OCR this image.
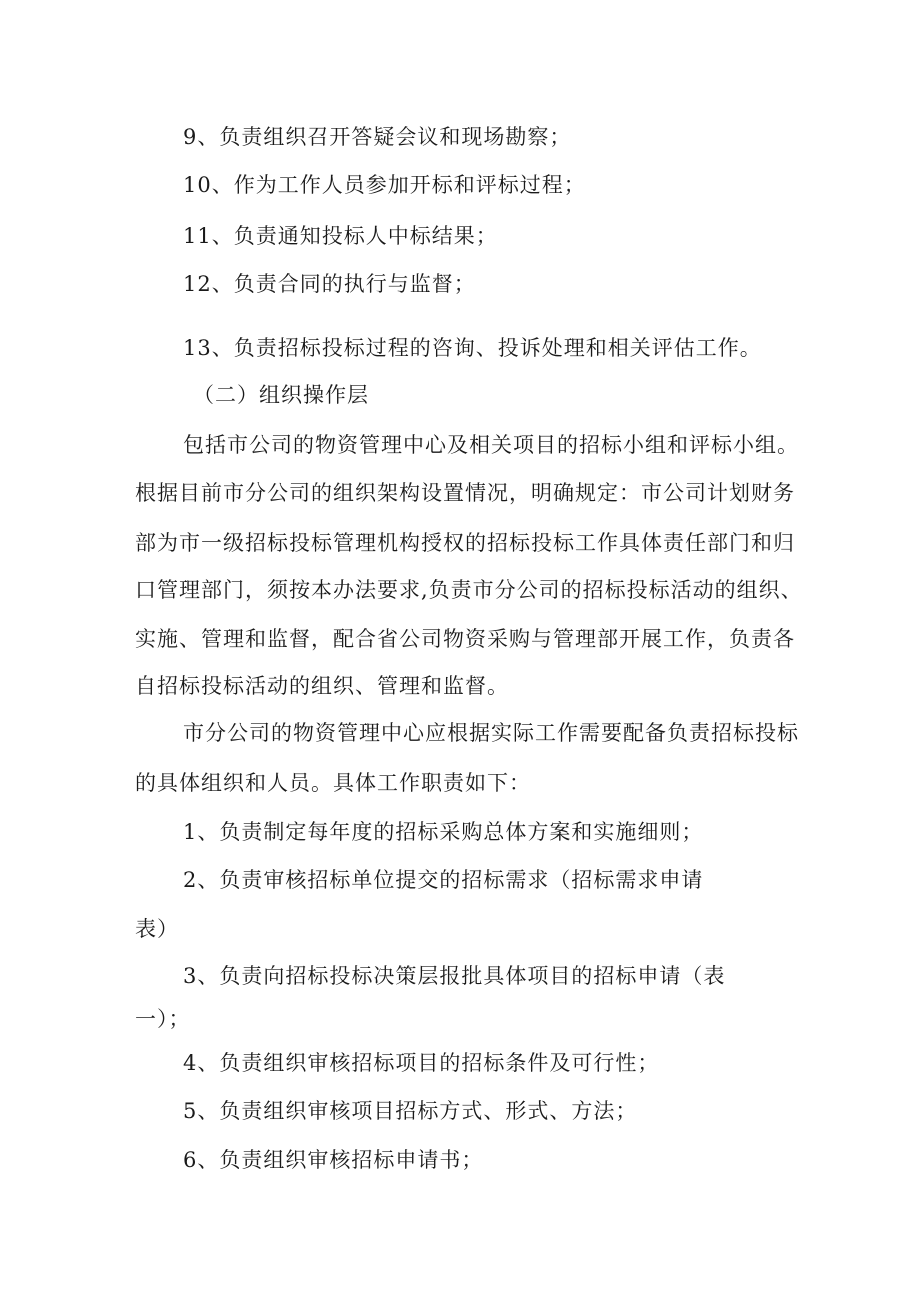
9、负责组织召开答疑会议和现场勘察；
10、作为工作人员参加开标和评标过程；
11、负责通知投标人中标结果；
12、负责合同的执行与监督；
13、负责招标投标过程的咨询、投诉处理和相关评估工作。
（二）组织操作层
包括市公司的物资管理中心及相关项目的招标小组和评标小组。
根据目前市分公司的组织架构设置情况，明确规定：市公司计划财务
部为市一级招标投标管理机构授权的招标投标工作具体责任部门和归
口管理部门，须按本办法要求,负责市分公司的招标投标活动的组织、
实施、管理和监督，配合省公司物资采购与管理部开展工作，负责各
自招标投标活动的组织、管理和监督。
市分公司的物资管理中心应根据实际工作需要配备负责招标投标
的具体组织和人员。具体工作职责如下：
1、负责制定每年度的招标采购总体方案和实施细则；
2、负责审核招标单位提交的招标需求（招标需求申请
表）
3、负责向招标投标决策层报批具体项目的招标申请（表
一）；
4、负责组织审核招标项目的招标条件及可行性；
5、负责组织审核项目招标方式、形式、方法；
6、负责组织审核招标申请书；
